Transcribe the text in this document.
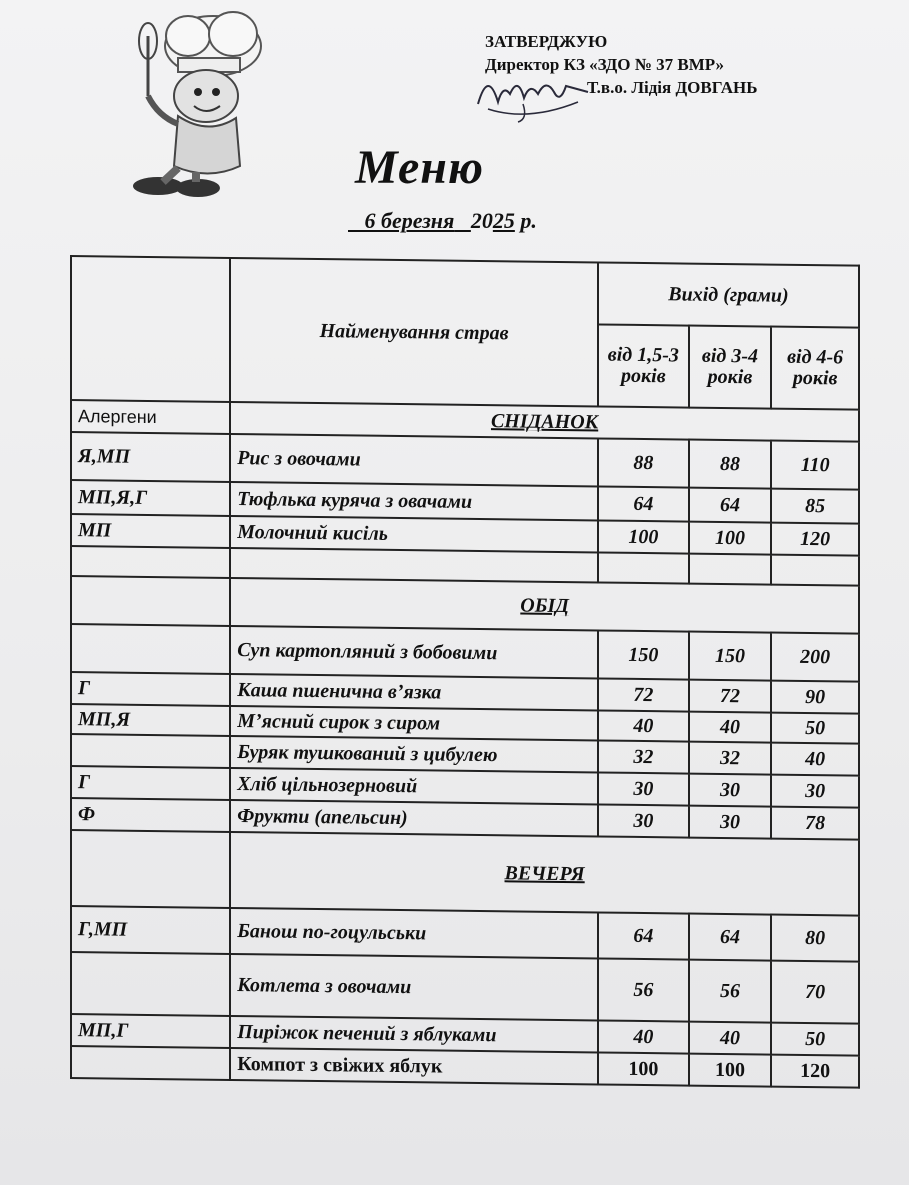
ЗАТВЕРДЖУЮ
Директор КЗ «ЗДО № 37 ВМР»
Т.в.о. Лідія ДОВГАНЬ
Меню
6 березня 2025 р.
	Найменування страв	Вихід (грами)		
		від 1,5-3 років	від 3-4 років	від 4-6 років
Алергени	СНІДАНОК			
Я,МП	Рис з овочами	88	88	110
МП,Я,Г	Тюфлька куряча з овачами	64	64	85
МП	Молочний кисіль	100	100	120

	ОБІД			
	Суп картопляний з бобовими	150	150	200
Г	Каша пшенична в’язка	72	72	90
МП,Я	М’ясний сирок з сиром	40	40	50
	Буряк тушкований з цибулею	32	32	40
Г	Хліб цільнозерновий	30	30	30
Ф	Фрукти (апельсин)	30	30	78
	ВЕЧЕРЯ			
Г,МП	Банош по-гоцульськи	64	64	80
	Котлета з овочами	56	56	70
МП,Г	Пиріжок печений з яблуками	40	40	50
	Компот з свіжих яблук	100	100	120
